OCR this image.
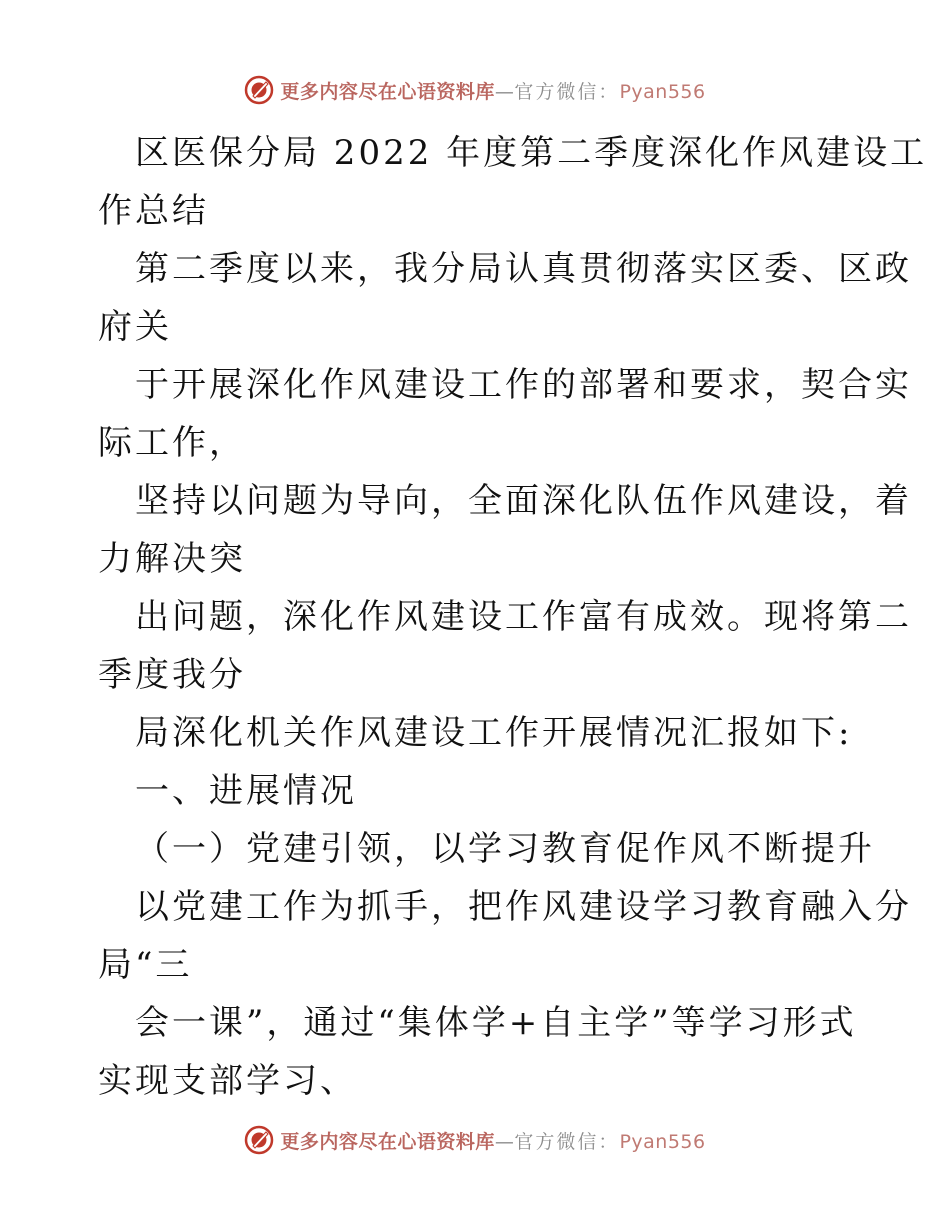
更多内容尽在心语资料库—官方微信：Pyan556
区医保分局 2022 年度第二季度深化作风建设工
作总结
第二季度以来，我分局认真贯彻落实区委、区政
府关
于开展深化作风建设工作的部署和要求，契合实
际工作，
坚持以问题为导向，全面深化队伍作风建设，着
力解决突
出问题，深化作风建设工作富有成效。现将第二
季度我分
局深化机关作风建设工作开展情况汇报如下:
一、进展情况
（一）党建引领，以学习教育促作风不断提升
以党建工作为抓手，把作风建设学习教育融入分
局“三
会一课”，通过“集体学+自主学”等学习形式
实现支部学习、
更多内容尽在心语资料库—官方微信：Pyan556
